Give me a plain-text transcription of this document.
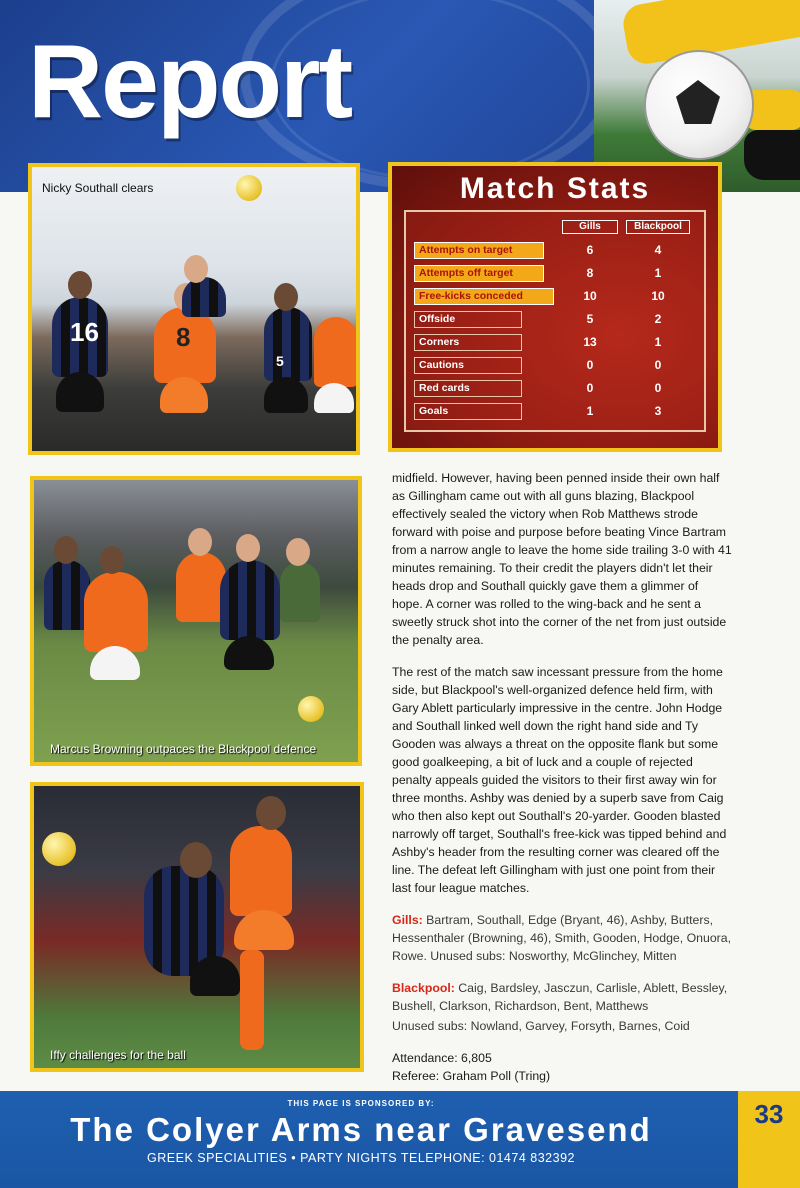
Report
Nicky Southall clears
16	8
5
Marcus Browning outpaces the Blackpool defence
Iffy challenges for the ball
Match Stats
Gills	Blackpool
Attempts on target	6	4
Attempts off target	8	1
Free-kicks conceded	10	10
Offside	5	2
Corners	13	1
Cautions	0	0
Red cards	0	0
Goals	1	3

midfield. However, having been penned inside their own half as Gillingham came out with all guns blazing, Blackpool effectively sealed the victory when Rob Matthews strode forward with poise and purpose before beating Vince Bartram from a narrow angle to leave the home side trailing 3-0 with 41 minutes remaining. To their credit the players didn't let their heads drop and Southall quickly gave them a glimmer of hope. A corner was rolled to the wing-back and he sent a sweetly struck shot into the corner of the net from just outside the penalty area.

The rest of the match saw incessant pressure from the home side, but Blackpool's well-organized defence held firm, with Gary Ablett particularly impressive in the centre. John Hodge and Southall linked well down the right hand side and Ty Gooden was always a threat on the opposite flank but some good goalkeeping, a bit of luck and a couple of rejected penalty appeals guided the visitors to their first away win for three months. Ashby was denied by a superb save from Caig who then also kept out Southall's 20-yarder. Gooden blasted narrowly off target, Southall's free-kick was tipped behind and Ashby's header from the resulting corner was cleared off the line. The defeat left Gillingham with just one point from their last four league matches.

Gills: Bartram, Southall, Edge (Bryant, 46), Ashby, Butters, Hessenthaler (Browning, 46), Smith, Gooden, Hodge, Onuora, Rowe. Unused subs: Nosworthy, McGlinchey, Mitten

Blackpool: Caig, Bardsley, Jasczun, Carlisle, Ablett, Bessley, Bushell, Clarkson, Richardson, Bent, Matthews

Unused subs: Nowland, Garvey, Forsyth, Barnes, Coid

Attendance: 6,805

Referee: Graham Poll (Tring)

THIS PAGE IS SPONSORED BY:
The Colyer Arms near Gravesend
GREEK SPECIALITIES • PARTY NIGHTS TELEPHONE: 01474 832392
33
